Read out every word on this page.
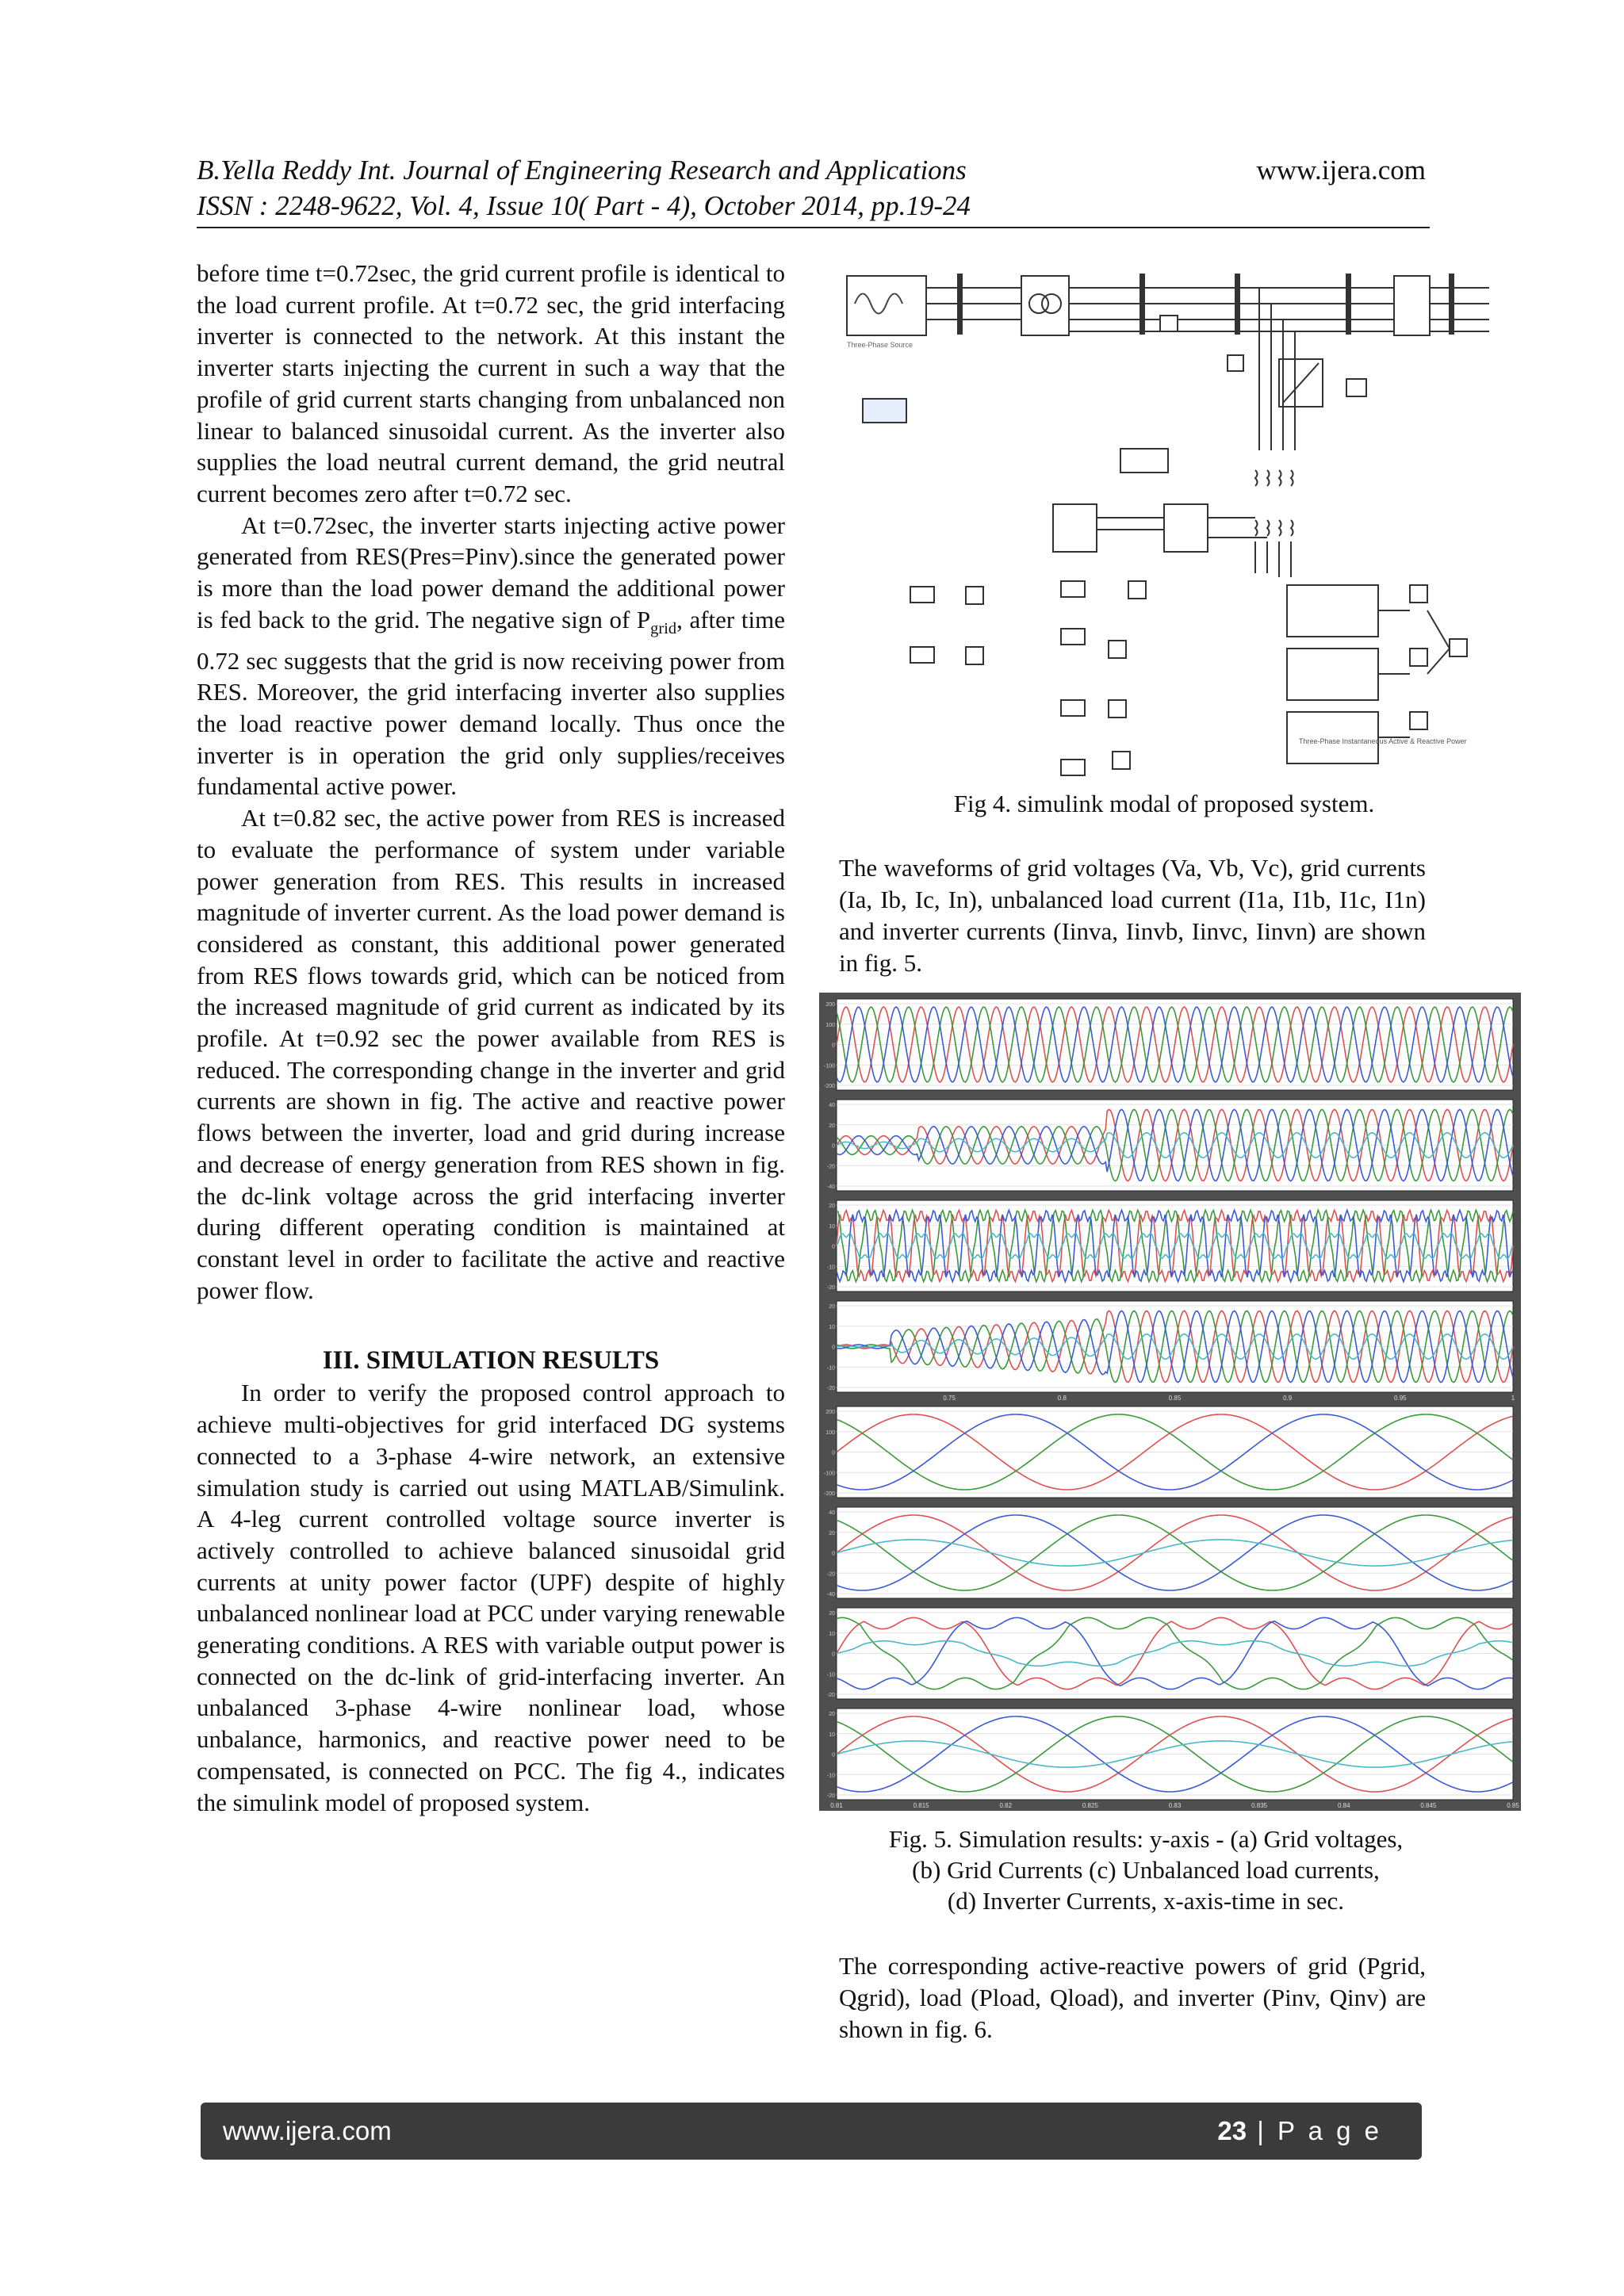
B.Yella Reddy Int. Journal of Engineering Research and Applications	www.ijera.com
ISSN : 2248-9622, Vol. 4, Issue 10( Part - 4), October 2014, pp.19-24

before time t=0.72sec, the grid current profile is identical to the load current profile. At t=0.72 sec, the grid interfacing inverter is connected to the network. At this instant the inverter starts injecting the current in such a way that the profile of grid current starts changing from unbalanced non linear to balanced sinusoidal current. As the inverter also supplies the load neutral current demand, the grid neutral current becomes zero after t=0.72 sec.

At t=0.72sec, the inverter starts injecting active power generated from RES(Pres=Pinv).since the generated power is more than the load power demand the additional power is fed back to the grid. The negative sign of $P_{grid}$, after time 0.72 sec suggests that the grid is now receiving power from RES. Moreover, the grid interfacing inverter also supplies the load reactive power demand locally. Thus once the inverter is in operation the grid only supplies/receives fundamental active power.

At t=0.82 sec, the active power from RES is increased to evaluate the performance of system under variable power generation from RES. This results in increased magnitude of inverter current. As the load power demand is considered as constant, this additional power generated from RES flows towards grid, which can be noticed from the increased magnitude of grid current as indicated by its profile. At t=0.92 sec the power available from RES is reduced. The corresponding change in the inverter and grid currents are shown in fig. The active and reactive power flows between the inverter, load and grid during increase and decrease of energy generation from RES shown in fig. the dc-link voltage across the grid interfacing inverter during different operating condition is maintained at constant level in order to facilitate the active and reactive power flow.

III. SIMULATION RESULTS

In order to verify the proposed control approach to achieve multi-objectives for grid interfaced DG systems connected to a 3-phase 4-wire network, an extensive simulation study is carried out using MATLAB/Simulink. A 4-leg current controlled voltage source inverter is actively controlled to achieve balanced sinusoidal grid currents at unity power factor (UPF) despite of highly unbalanced nonlinear load at PCC under varying renewable generating conditions. A RES with variable output power is connected on the dc-link of grid-interfacing inverter. An unbalanced 3-phase 4-wire nonlinear load, whose unbalance, harmonics, and reactive power need to be compensated, is connected on PCC. The fig 4., indicates the simulink model of proposed system.

Three-Phase Source
Three-Phase Instantaneous Active & Reactive Power
Fig 4. simulink modal of proposed system.
The waveforms of grid voltages (Va, Vb, Vc), grid currents (Ia, Ib, Ic, In), unbalanced load current (I1a, I1b, I1c, I1n) and inverter currents (Iinva, Iinvb, Iinvc, Iinvn) are shown in fig. 5.
200
100
0
-100
-200
40
20
0
-20
-40
20
10
0
-10
-20
20
10
0
-10
-20
0.75	0.8	0.85	0.9	0.95	1
200
100
0
-100
-200
40
20
0
-20
-40
20
10
0
-10
-20
20
10
0
-10
-20
0.81	0.815	0.82	0.825	0.83	0.835	0.84	0.845	0.85
Fig. 5. Simulation results: y-axis - (a) Grid voltages,
(b) Grid Currents (c) Unbalanced load currents,
(d) Inverter Currents, x-axis-time in sec.
The corresponding active-reactive powers of grid (Pgrid, Qgrid), load (Pload, Qload), and inverter (Pinv, Qinv) are shown in fig. 6.
www.ijera.com	23 | P a g e
